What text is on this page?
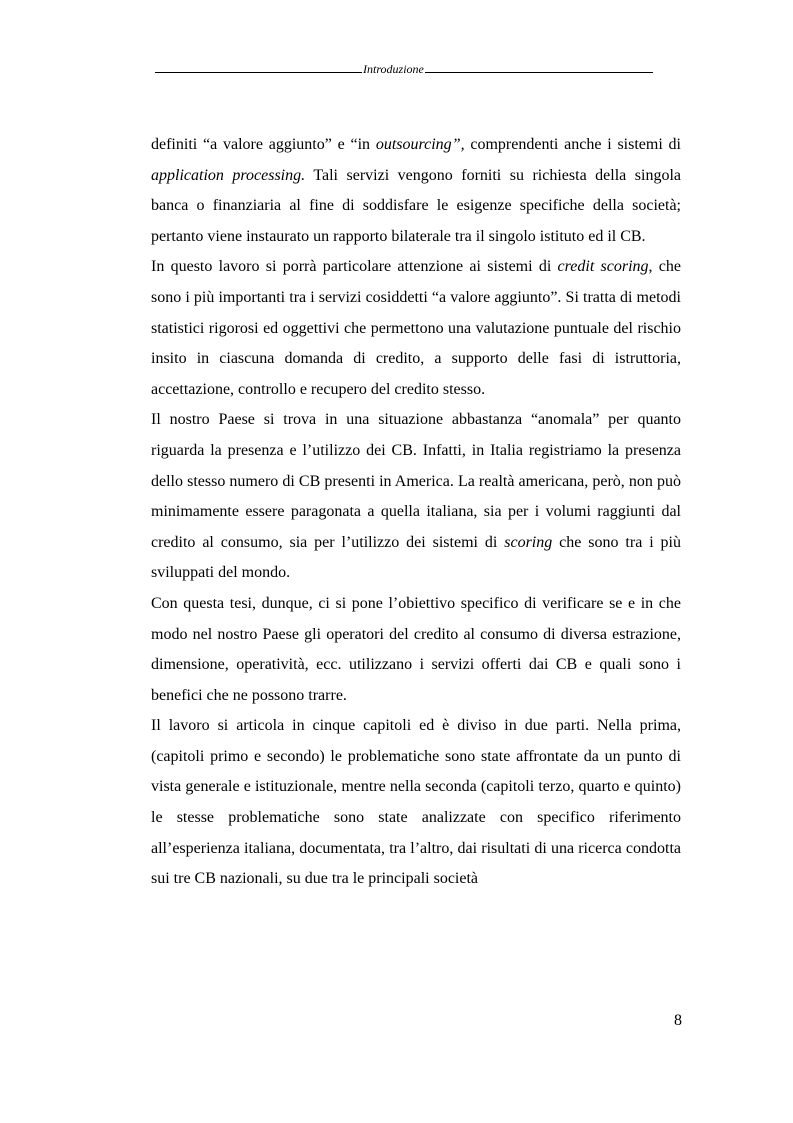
Introduzione

definiti “a valore aggiunto” e “in outsourcing”, comprendenti anche i sistemi di application processing. Tali servizi vengono forniti su richiesta della singola banca o finanziaria al fine di soddisfare le esigenze specifiche della società; pertanto viene instaurato un rapporto bilaterale tra il singolo istituto ed il CB.

In questo lavoro si porrà particolare attenzione ai sistemi di credit scoring, che sono i più importanti tra i servizi cosiddetti “a valore aggiunto”. Si tratta di metodi statistici rigorosi ed oggettivi che permettono una valutazione puntuale del rischio insito in ciascuna domanda di credito, a supporto delle fasi di istruttoria, accettazione, controllo e recupero del credito stesso.

Il nostro Paese si trova in una situazione abbastanza “anomala” per quanto riguarda la presenza e l’utilizzo dei CB. Infatti, in Italia registriamo la presenza dello stesso numero di CB presenti in America. La realtà americana, però, non può minimamente essere paragonata a quella italiana, sia per i volumi raggiunti dal credito al consumo, sia per l’utilizzo dei sistemi di scoring che sono tra i più sviluppati del mondo.

Con questa tesi, dunque, ci si pone l’obiettivo specifico di verificare se e in che modo nel nostro Paese gli operatori del credito al consumo di diversa estrazione, dimensione, operatività, ecc. utilizzano i servizi offerti dai CB e quali sono i benefici che ne possono trarre.

Il lavoro si articola in cinque capitoli ed è diviso in due parti. Nella prima, (capitoli primo e secondo) le problematiche sono state affrontate da un punto di vista generale e istituzionale, mentre nella seconda (capitoli terzo, quarto e quinto) le stesse problematiche sono state analizzate con specifico riferimento all’esperienza italiana, documentata, tra l’altro, dai risultati di una ricerca condotta sui tre CB nazionali, su due tra le principali società

8
